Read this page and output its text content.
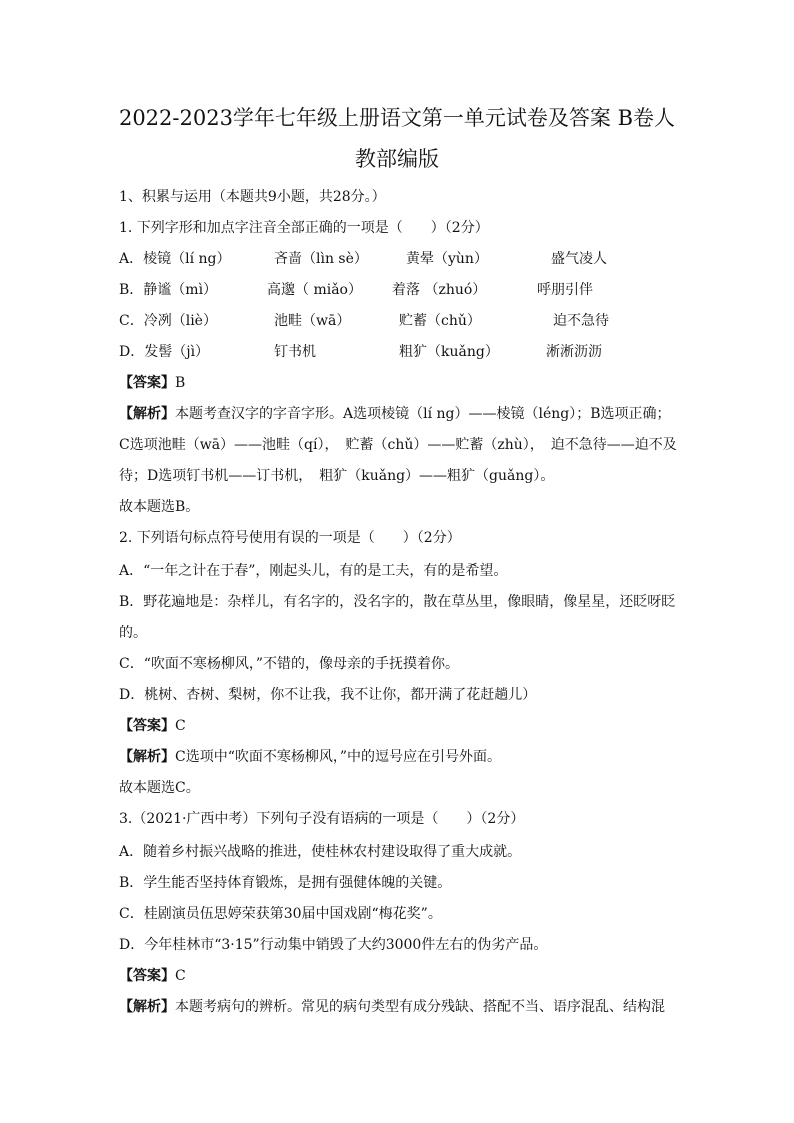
2022-2023学年七年级上册语文第一单元试卷及答案 B卷人
教部编版
1、积累与运用（本题共9小题，共28分。）
1. 下列字形和加点字注音全部正确的一项是（　　）（2分）
A．棱镜（lí ng）	吝啬（lìn sè）	黄晕（yùn）	盛气凌人
B．静谧（mì）	高邈（ miǎo） 着落 （zhuó）	呼朋引伴
C．冷冽（liè）	池畦（wā）	贮蓄（chǔ）	迫不急待
D．发髻（jì）	钉书机	粗犷（kuǎng）	淅淅沥沥
【答案】B
【解析】本题考查汉字的字音字形。A选项棱镜（lí ng）——棱镜（léng）；B选项正确；
C选项池畦（wā）——池畦（qí），　贮蓄（chǔ）——贮蓄（zhù），　迫不急待——迫不及
待；D选项钉书机——订书机，　粗犷（kuǎng）——粗犷（guǎng）。
故本题选B。
2. 下列语句标点符号使用有误的一项是（　　）（2分）
A．“一年之计在于春”，刚起头儿，有的是工夫，有的是希望。
B．野花遍地是：杂样儿，有名字的，没名字的，散在草丛里，像眼睛，像星星，还眨呀眨
的。
C．“吹面不寒杨柳风，”不错的，像母亲的手抚摸着你。
D．桃树、杏树、梨树，你不让我，我不让你，都开满了花赶趟儿）
【答案】C
【解析】C选项中“吹面不寒杨柳风，”中的逗号应在引号外面。
故本题选C。
3.（2021·广西中考）下列句子没有语病的一项是（　　）（2分）
A．随着乡村振兴战略的推进，使桂林农村建设取得了重大成就。
B．学生能否坚持体育锻炼，是拥有强健体魄的关键。
C．桂剧演员伍思婷荣获第30届中国戏剧“梅花奖”。
D．今年桂林市“3·15”行动集中销毁了大约3000件左右的伪劣产品。
【答案】C
【解析】本题考病句的辨析。常见的病句类型有成分残缺、搭配不当、语序混乱、结构混
